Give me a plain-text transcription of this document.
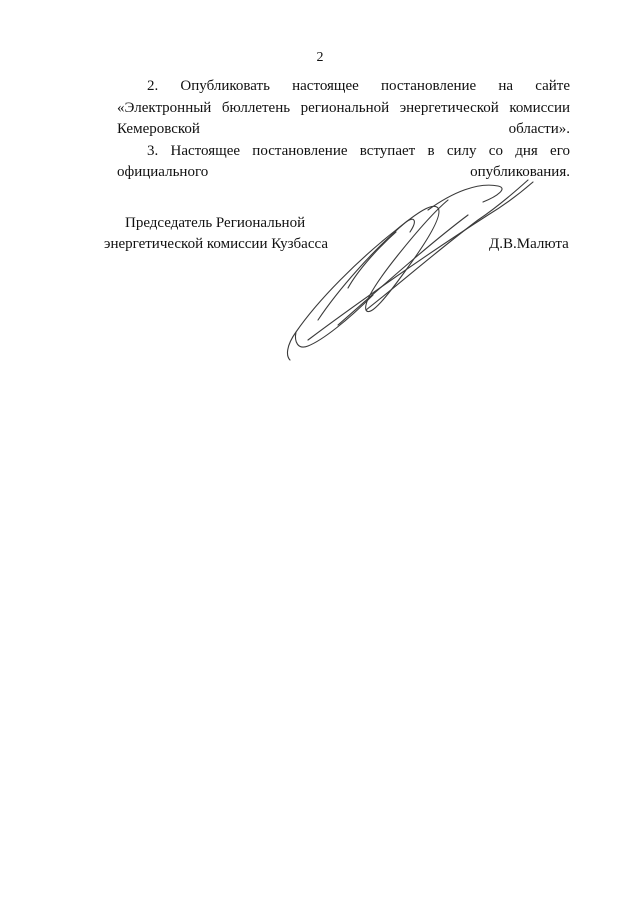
2

2. Опубликовать настоящее постановление на сайте «Электронный бюллетень региональной энергетической комиссии Кемеровской области».

3. Настоящее постановление вступает в силу со дня его официального опубликования.

Председатель Региональной
энергетической комиссии Кузбасса	Д.В.Малюта
